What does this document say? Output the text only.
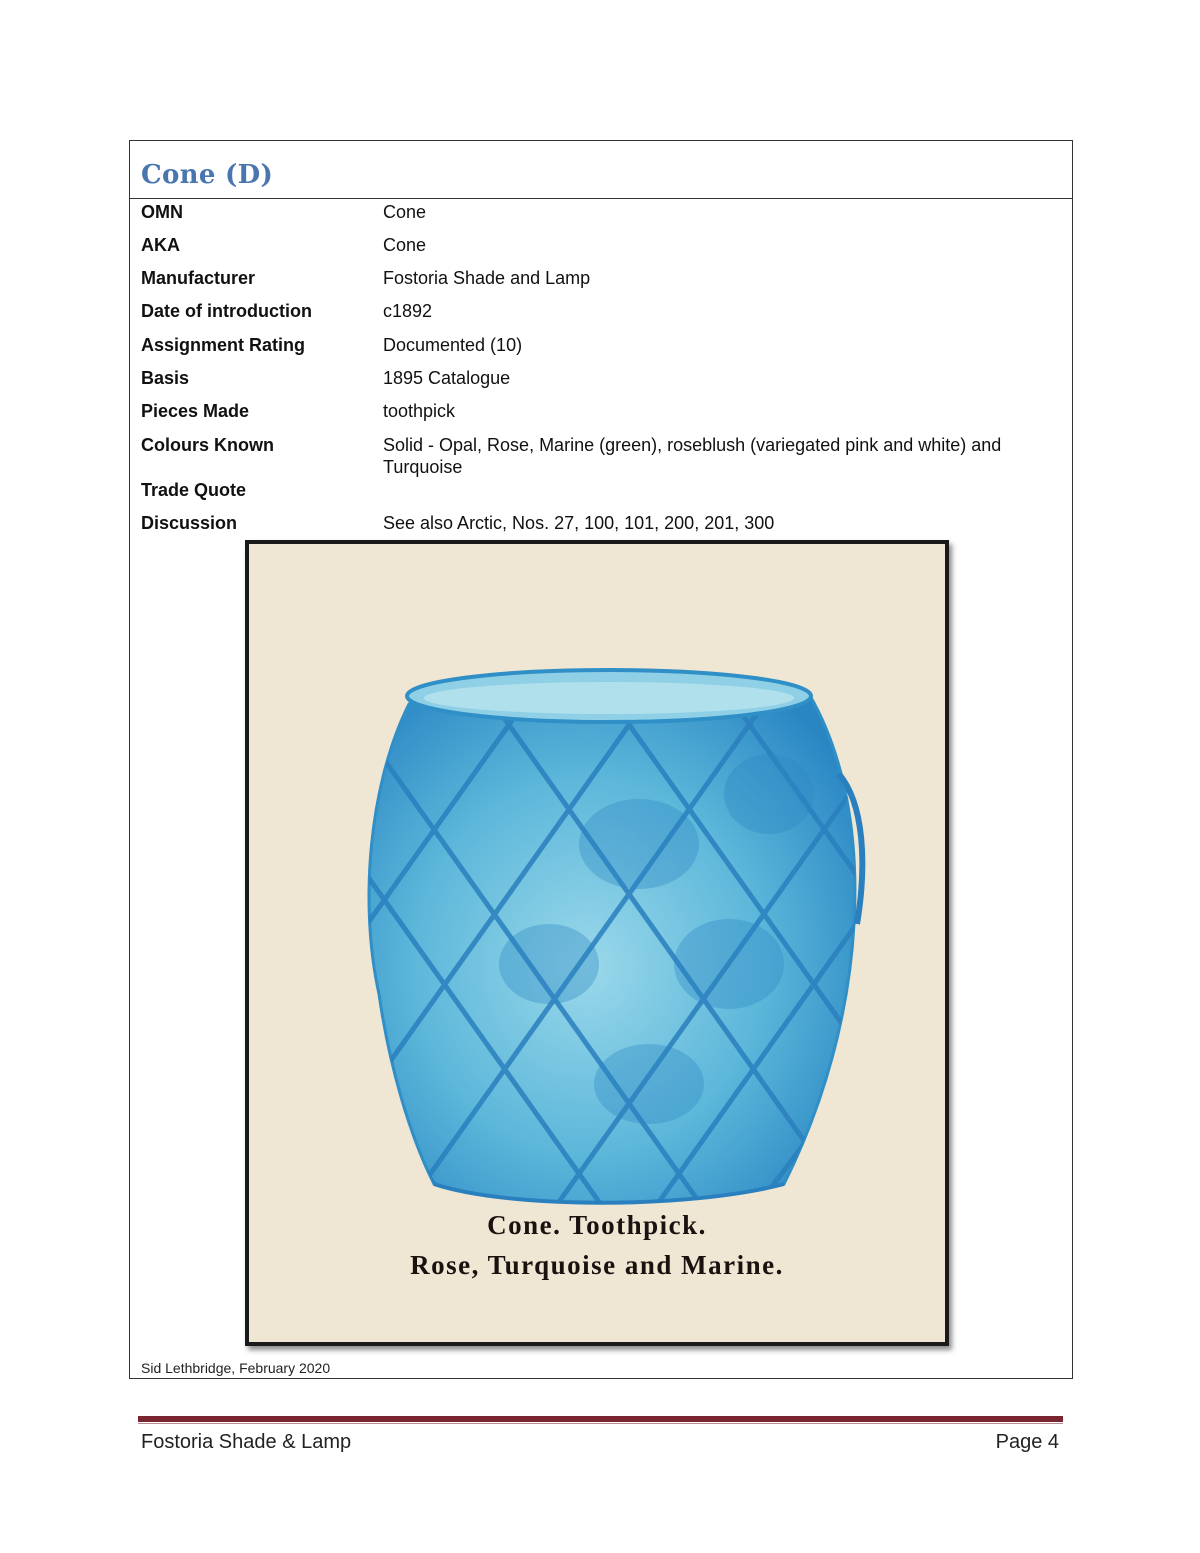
Cone (D)
OMN	Cone
AKA	Cone
Manufacturer	Fostoria Shade and Lamp
Date of introduction	c1892
Assignment Rating	Documented (10)
Basis	1895 Catalogue
Pieces Made	toothpick
Colours Known	Solid - Opal, Rose, Marine (green), roseblush (variegated pink and white) and Turquoise
Trade Quote
Discussion	See also Arctic, Nos. 27, 100, 101, 200, 201, 300
Cone. Toothpick.
Rose, Turquoise and Marine.
Sid Lethbridge, February 2020
Fostoria Shade & Lamp	Page 4
